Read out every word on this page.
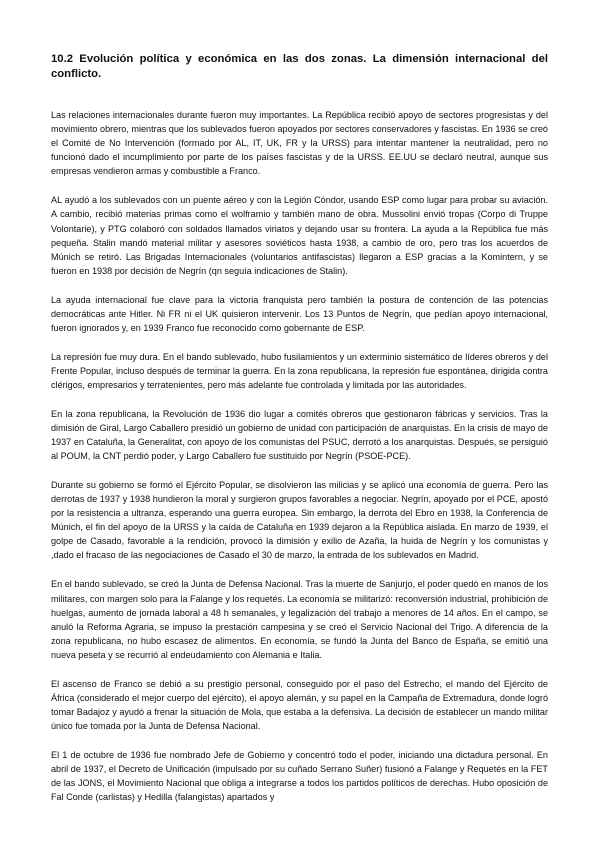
10.2 Evolución política y económica en las dos zonas. La dimensión internacional del conflicto.

Las relaciones internacionales durante fueron muy importantes. La República recibió apoyo de sectores progresistas y del movimiento obrero, mientras que los sublevados fueron apoyados por sectores conservadores y fascistas. En 1936 se creó el Comité de No Intervención (formado por AL, IT, UK, FR y la URSS) para intentar mantener la neutralidad, pero no funcionó dado el incumplimiento por parte de los países fascistas y de la URSS. EE.UU se declaró neutral, aunque sus empresas vendieron armas y combustible a Franco.

AL ayudó a los sublevados con un puente aéreo y con la Legión Cóndor, usando ESP como lugar para probar su aviación. A cambio, recibió materias primas como el wolframio y también mano de obra. Mussolini envió tropas (Corpo di Truppe Volontarie), y PTG colaboró con soldados llamados viriatos y dejando usar su frontera. La ayuda a la República fue más pequeña. Stalin mandó material militar y asesores soviéticos hasta 1938, a cambio de oro, pero tras los acuerdos de Múnich se retiró. Las Brigadas Internacionales (voluntarios antifascistas) llegaron a ESP gracias a la Komintern, y se fueron en 1938 por decisión de Negrín (qn seguía indicaciones de Stalin).

La ayuda internacional fue clave para la victoria franquista pero también la postura de contención de las potencias democráticas ante Hitler. Ni FR ni el UK quisieron intervenir. Los 13 Puntos de Negrín, que pedían apoyo internacional, fueron ignorados y, en 1939 Franco fue reconocido como gobernante de ESP.

La represión fue muy dura. En el bando sublevado, hubo fusilamientos y un exterminio sistemático de líderes obreros y del Frente Popular, incluso después de terminar la guerra. En la zona republicana, la represión fue espontánea, dirigida contra clérigos, empresarios y terratenientes, pero más adelante fue controlada y limitada por las autoridades.

En la zona republicana, la Revolución de 1936 dio lugar a comités obreros que gestionaron fábricas y servicios. Tras la dimisión de Giral, Largo Caballero presidió un gobierno de unidad con participación de anarquistas. En la crisis de mayo de 1937 en Cataluña, la Generalitat, con apoyo de los comunistas del PSUC, derrotó a los anarquistas. Después, se persiguió al POUM, la CNT perdió poder, y Largo Caballero fue sustituido por Negrín (PSOE-PCE).

Durante su gobierno se formó el Ejército Popular, se disolvieron las milicias y se aplicó una economía de guerra. Pero las derrotas de 1937 y 1938 hundieron la moral y surgieron grupos favorables a negociar. Negrín, apoyado por el PCE, apostó por la resistencia a ultranza, esperando una guerra europea. Sin embargo, la derrota del Ebro en 1938, la Conferencia de Múnich, el fin del apoyo de la URSS y la caída de Cataluña en 1939 dejaron a la República aislada. En marzo de 1939, el golpe de Casado, favorable a la rendición, provocó la dimisión y exilio de Azaña, la huida de Negrín y los comunistas y ,dado el fracaso de las negociaciones de Casado el 30 de marzo, la entrada de los sublevados en Madrid.

En el bando sublevado, se creó la Junta de Defensa Nacional. Tras la muerte de Sanjurjo, el poder quedó en manos de los militares, con margen solo para la Falange y los requetés. La economía se militarizó: reconversión industrial, prohibición de huelgas, aumento de jornada laboral a 48 h semanales, y legalización del trabajo a menores de 14 años. En el campo, se anuló la Reforma Agraria, se impuso la prestación campesina y se creó el Servicio Nacional del Trigo. A diferencia de la zona republicana, no hubo escasez de alimentos. En economía, se fundó la Junta del Banco de España, se emitió una nueva peseta y se recurrió al endeudamiento con Alemania e Italia.

El ascenso de Franco se debió a su prestigio personal, conseguido por el paso del Estrecho, el mando del Ejército de África (considerado el mejor cuerpo del ejército), el apoyo alemán, y su papel en la Campaña de Extremadura, donde logró tomar Badajoz y ayudó a frenar la situación de Mola, que estaba a la defensiva. La decisión de establecer un mando militar único fue tomada por la Junta de Defensa Nacional.

El 1 de octubre de 1936 fue nombrado Jefe de Gobierno y concentró todo el poder, iniciando una dictadura personal. En abril de 1937, el Decreto de Unificación (impulsado por su cuñado Serrano Suñer) fusionó a Falange y Requetés en la FET de las JONS, el Movimiento Nacional que obliga a integrarse a todos los partidos políticos de derechas. Hubo oposición de Fal Conde (carlistas) y Hedilla (falangistas) apartados y
